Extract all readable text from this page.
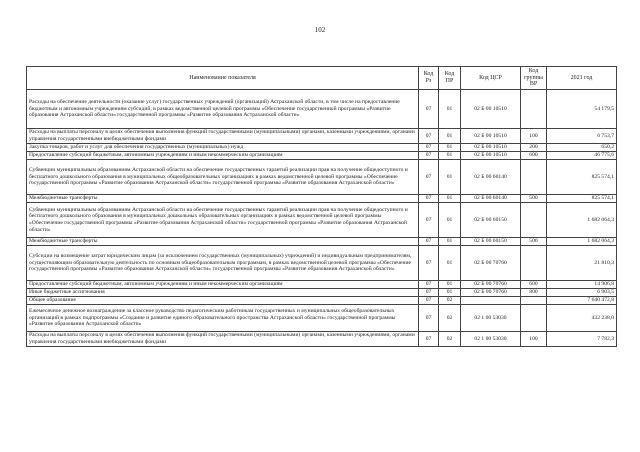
102
Наименование показателя	Код Рз	Код ПР	Код ЦСР	Код группы ВР	2021 год
Расходы на обеспечение деятельности (оказание услуг) государственных учреждений (организаций) Астраханской области, в том числе на предоставление бюджетным и автономным учреждениям субсидий, в рамках ведомственной целевой программы «Обеспечение государственной программы «Развитие образования Астраханской области» государственной программы «Развитие образования Астраханской области»	07	01	02 Б 00 10510		54 179,5
Расходы на выплаты персоналу в целях обеспечения выполнения функций государственными (муниципальными) органами, казенными учреждениями, органами управления государственными внебюджетными фондами	07	01	02 Б 00 10510	100	6 753,7
Закупка товаров, работ и услуг для обеспечения государственных (муниципальных) нужд	07	01	02 Б 00 10510	200	650,2
Предоставление субсидий бюджетным, автономным учреждениям и иным некоммерческим организациям	07	01	02 Б 00 10510	600	46 775,6
Субвенции муниципальным образованиям Астраханской области на обеспечение государственных гарантий реализации прав на получение общедоступного и бесплатного дошкольного образования в муниципальных общеобразовательных организациях в рамках ведомственной целевой программы «Обеспечение государственной программы «Развитие образования Астраханской области» государственной программы «Развитие образования Астраханской области»	07	01	02 Б 00 60140		825 574,1
Межбюджетные трансферты	07	01	02 Б 00 60140	500	825 574,1
Субвенции муниципальным образованиям Астраханской области на обеспечение государственных гарантий реализации прав на получение общедоступного и бесплатного дошкольного образования в муниципальных дошкольных образовательных организациях в рамках ведомственной целевой программы «Обеспечение государственной программы «Развитие образования Астраханской области» государственной программы «Развитие образования Астраханской области»	07	01	02 Б 00 60150		1 682 064,3
Межбюджетные трансферты	07	01	02 Б 00 60150	500	1 682 064,3
Субсидии на возмещение затрат юридическим лицам (за исключением государственных (муниципальных) учреждений) и индивидуальным предпринимателям, осуществляющим образовательную деятельность по основным общеобразовательным программам, в рамках ведомственной целевой программы «Обеспечение государственной программы «Развитие образования Астраханской области» государственной программы «Развитие образования Астраханской области»	07	01	02 Б 00 70760		21 810,3
Предоставление субсидий бюджетным, автономным учреждениям и иным некоммерческим организациям	07	01	02 Б 00 70760	600	14 906,8
Иные бюджетные ассигнования	07	01	02 Б 00 70760	800	6 903,5
Общее образование	07	02			7 640 472,8
Ежемесячное денежное вознаграждение за классное руководство педагогическим работникам государственных и муниципальных общеобразовательных организаций в рамках подпрограммы «Создание и развитие единого образовательного пространства Астраханской области» государственной программы «Развитие образования Астраханской области»	07	02	02 1 00 53030		432 238,0
Расходы на выплаты персоналу в целях обеспечения выполнения функций государственными (муниципальными) органами, казенными учреждениями, органами управления государственными внебюджетными фондами	07	02	02 1 00 53030	100	7 782,3
